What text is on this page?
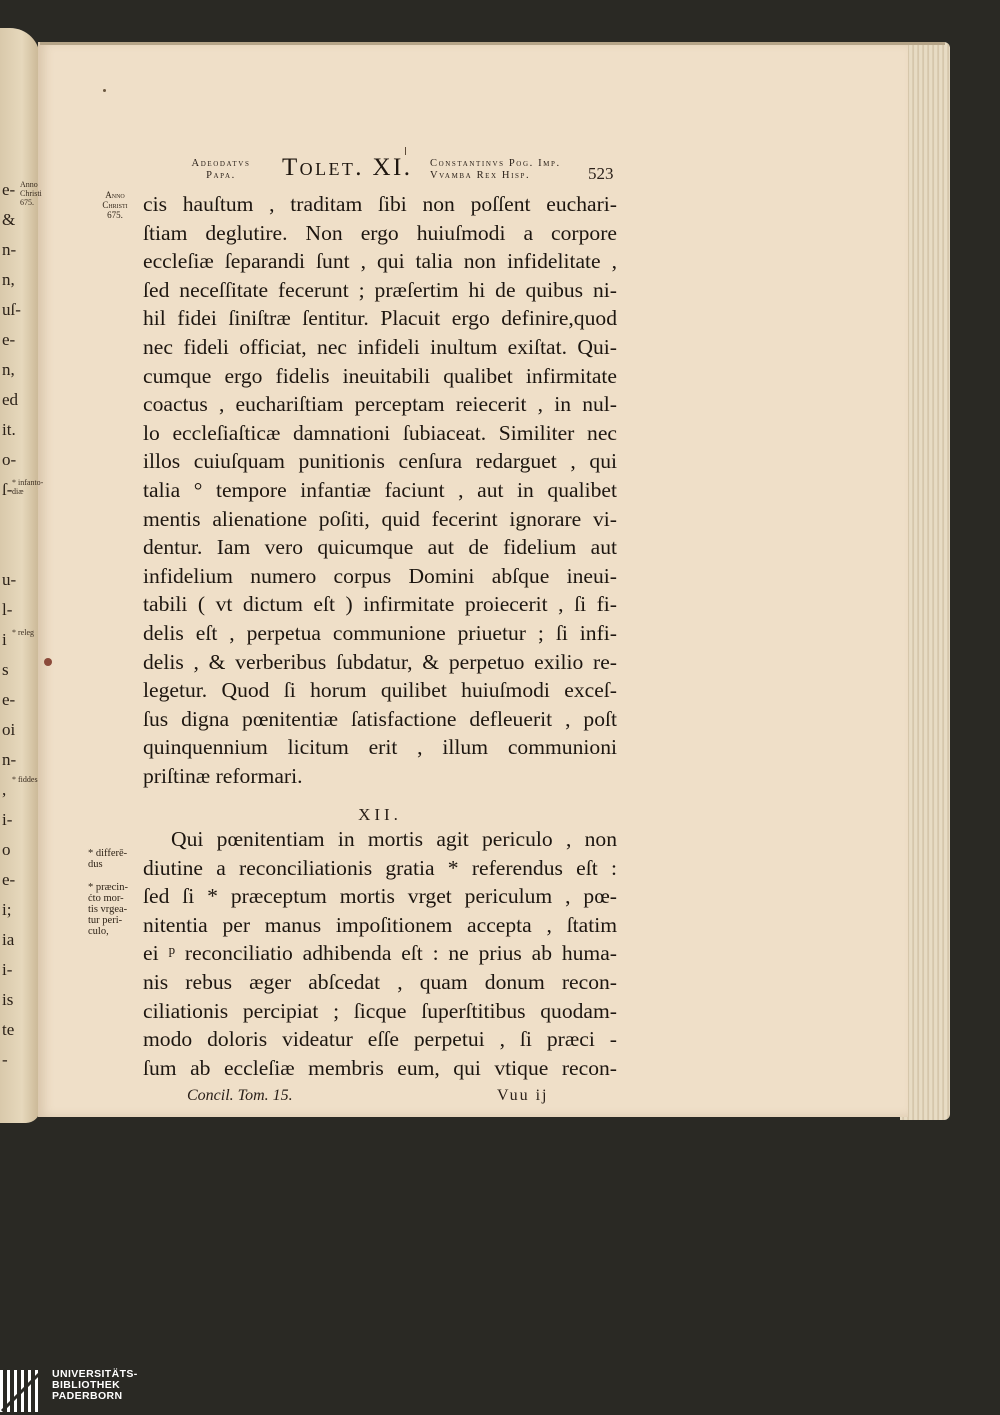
e-
&
n-
n,
uſ-
e-
n,
ed
it.
o-
ſ-
u-
l-
i
s
e-
oi
n-
,
i-
o
e-
i;
ia
i-
is
te
-
Anno
Christi
675.
* infanto-
diæ
* releg
* fiddes
Adeodatvs
Papa.	Tolet. XI. Constantinvs Pog. Imp.
Vvamba Rex Hisp.	523
Anno
Christi
675.
* differē-
dus
* præcin-
ćto mor-
tis vrgea-
tur peri-
culo,
cis hauſtum , traditam ſibi non poſſent euchari-
ſtiam deglutire. Non ergo huiuſmodi a corpore
eccleſiæ ſeparandi ſunt , qui talia non infidelitate ,
ſed neceſſitate fecerunt ; præſertim hi de quibus ni-
hil fidei ſiniſtræ ſentitur. Placuit ergo definire,quod
nec fideli officiat, nec infideli inultum exiſtat. Qui-
cumque ergo fidelis ineuitabili qualibet infirmitate
coactus , euchariſtiam perceptam reiecerit , in nul-
lo eccleſiaſticæ damnationi ſubiaceat. Similiter nec
illos cuiuſquam punitionis cenſura redarguet , qui
talia ° tempore infantiæ faciunt , aut in qualibet
mentis alienatione poſiti, quid fecerint ignorare vi-
dentur. Iam vero quicumque aut de fidelium aut
infidelium numero corpus Domini abſque ineui-
tabili ( vt dictum eſt ) infirmitate proiecerit , ſi fi-
delis eſt , perpetua communione priuetur ; ſi infi-
delis , & verberibus ſubdatur, & perpetuo exilio re-
legetur. Quod ſi horum quilibet huiuſmodi exceſ-
ſus digna pœnitentiæ ſatisfactione defleuerit , poſt
quinquennium licitum erit , illum communioni
priſtinæ reformari.
XII.
Qui pœnitentiam in mortis agit periculo , non
diutine a reconciliationis gratia * referendus eſt :
ſed ſi * præceptum mortis vrget periculum , pœ-
nitentia per manus impoſitionem accepta , ſtatim
ei ᵖ reconciliatio adhibenda eſt : ne prius ab huma-
nis rebus æger abſcedat , quam donum recon-
ciliationis percipiat ; ſicque ſuperſtitibus quodam-
modo doloris videatur eſſe perpetui , ſi præci -
ſum ab eccleſiæ membris eum, qui vtique recon-
Concil. Tom. 15.	Vuu ij
UNIVERSITÄTS-
BIBLIOTHEK
PADERBORN
